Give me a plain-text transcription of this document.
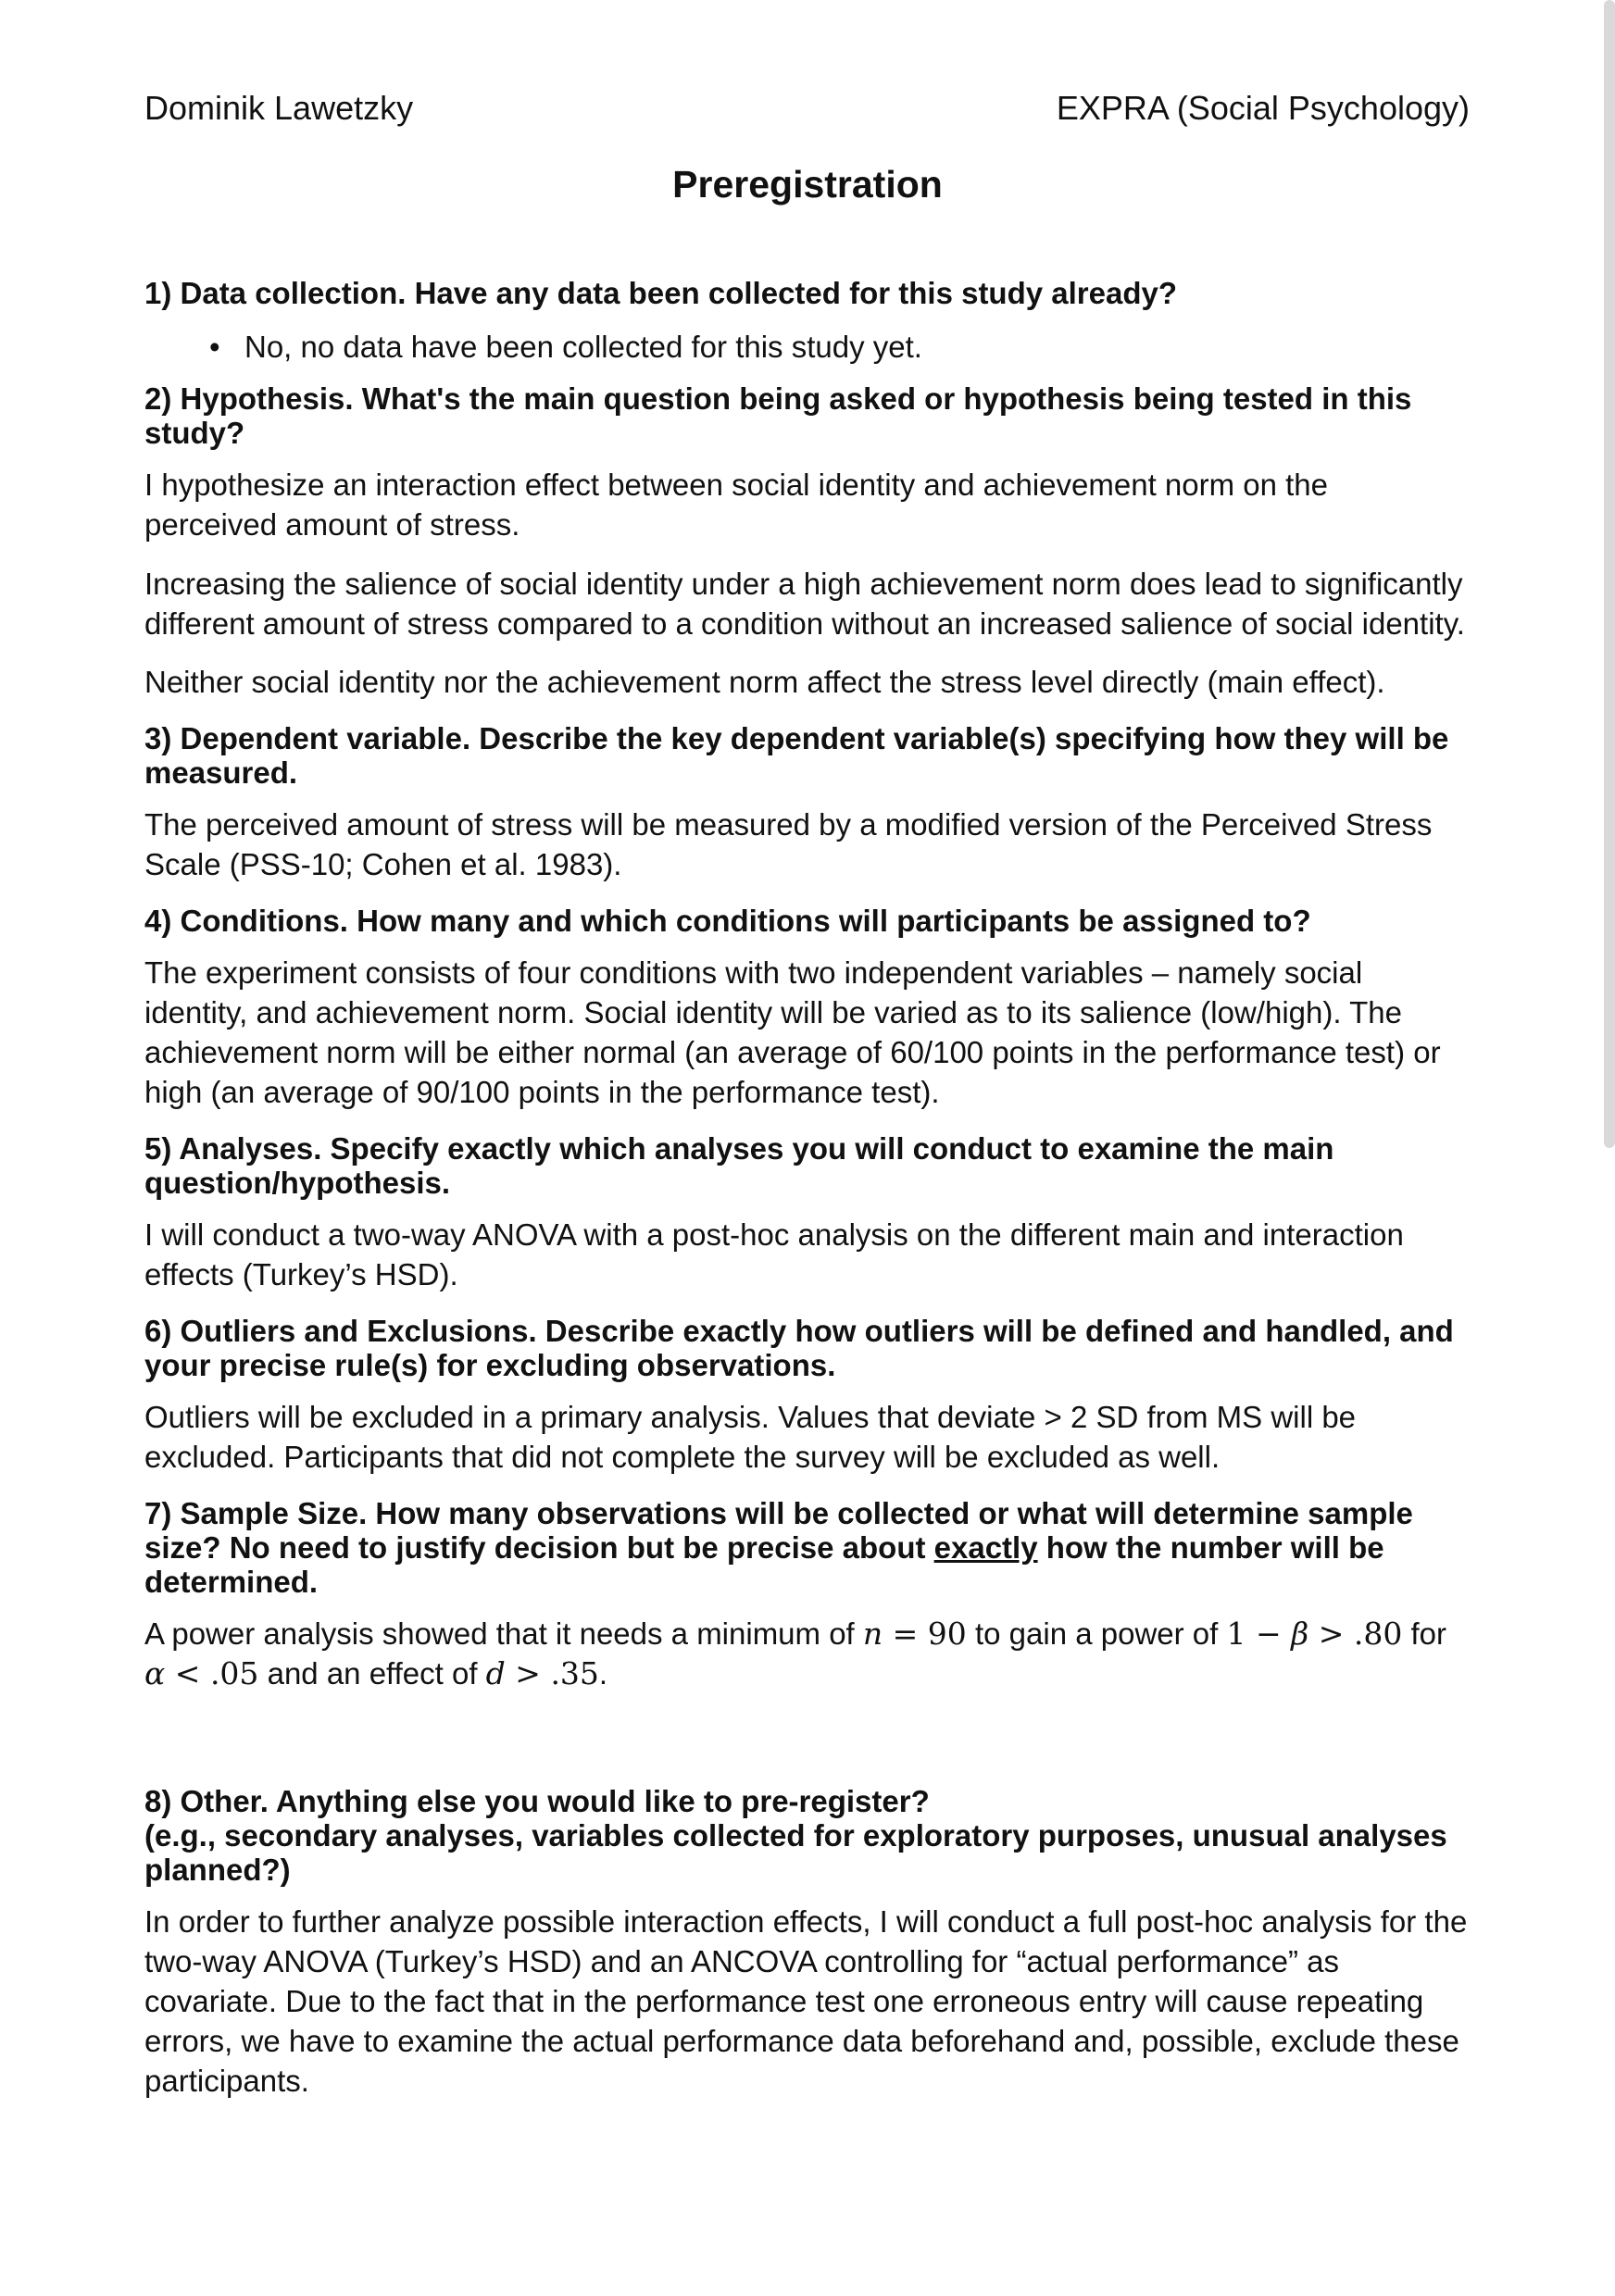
Dominik Lawetzky	EXPRA (Social Psychology)
Preregistration

1) Data collection. Have any data been collected for this study already?

• No, no data have been collected for this study yet.

2) Hypothesis. What's the main question being asked or hypothesis being tested in this study?

I hypothesize an interaction effect between social identity and achievement norm on the perceived amount of stress.

Increasing the salience of social identity under a high achievement norm does lead to significantly different amount of stress compared to a condition without an increased salience of social identity.

Neither social identity nor the achievement norm affect the stress level directly (main effect).

3) Dependent variable. Describe the key dependent variable(s) specifying how they will be measured.

The perceived amount of stress will be measured by a modified version of the Perceived Stress Scale (PSS-10; Cohen et al. 1983).

4) Conditions. How many and which conditions will participants be assigned to?

The experiment consists of four conditions with two independent variables – namely social identity, and achievement norm. Social identity will be varied as to its salience (low/high). The achievement norm will be either normal (an average of 60/100 points in the performance test) or high (an average of 90/100 points in the performance test).

5) Analyses. Specify exactly which analyses you will conduct to examine the main question/hypothesis.

I will conduct a two-way ANOVA with a post-hoc analysis on the different main and interaction effects (Turkey’s HSD).

6) Outliers and Exclusions. Describe exactly how outliers will be defined and handled, and your precise rule(s) for excluding observations.

Outliers will be excluded in a primary analysis. Values that deviate > 2 SD from MS will be excluded. Participants that did not complete the survey will be excluded as well.

7) Sample Size. How many observations will be collected or what will determine sample size? No need to justify decision but be precise about exactly how the number will be determined.

A power analysis showed that it needs a minimum of n = 90 to gain a power of 1 − β > .80 for α < .05 and an effect of d > .35.

8) Other. Anything else you would like to pre-register?
(e.g., secondary analyses, variables collected for exploratory purposes, unusual analyses planned?)

In order to further analyze possible interaction effects, I will conduct a full post-hoc analysis for the two-way ANOVA (Turkey’s HSD) and an ANCOVA controlling for “actual performance” as covariate. Due to the fact that in the performance test one erroneous entry will cause repeating errors, we have to examine the actual performance data beforehand and, possible, exclude these participants.
